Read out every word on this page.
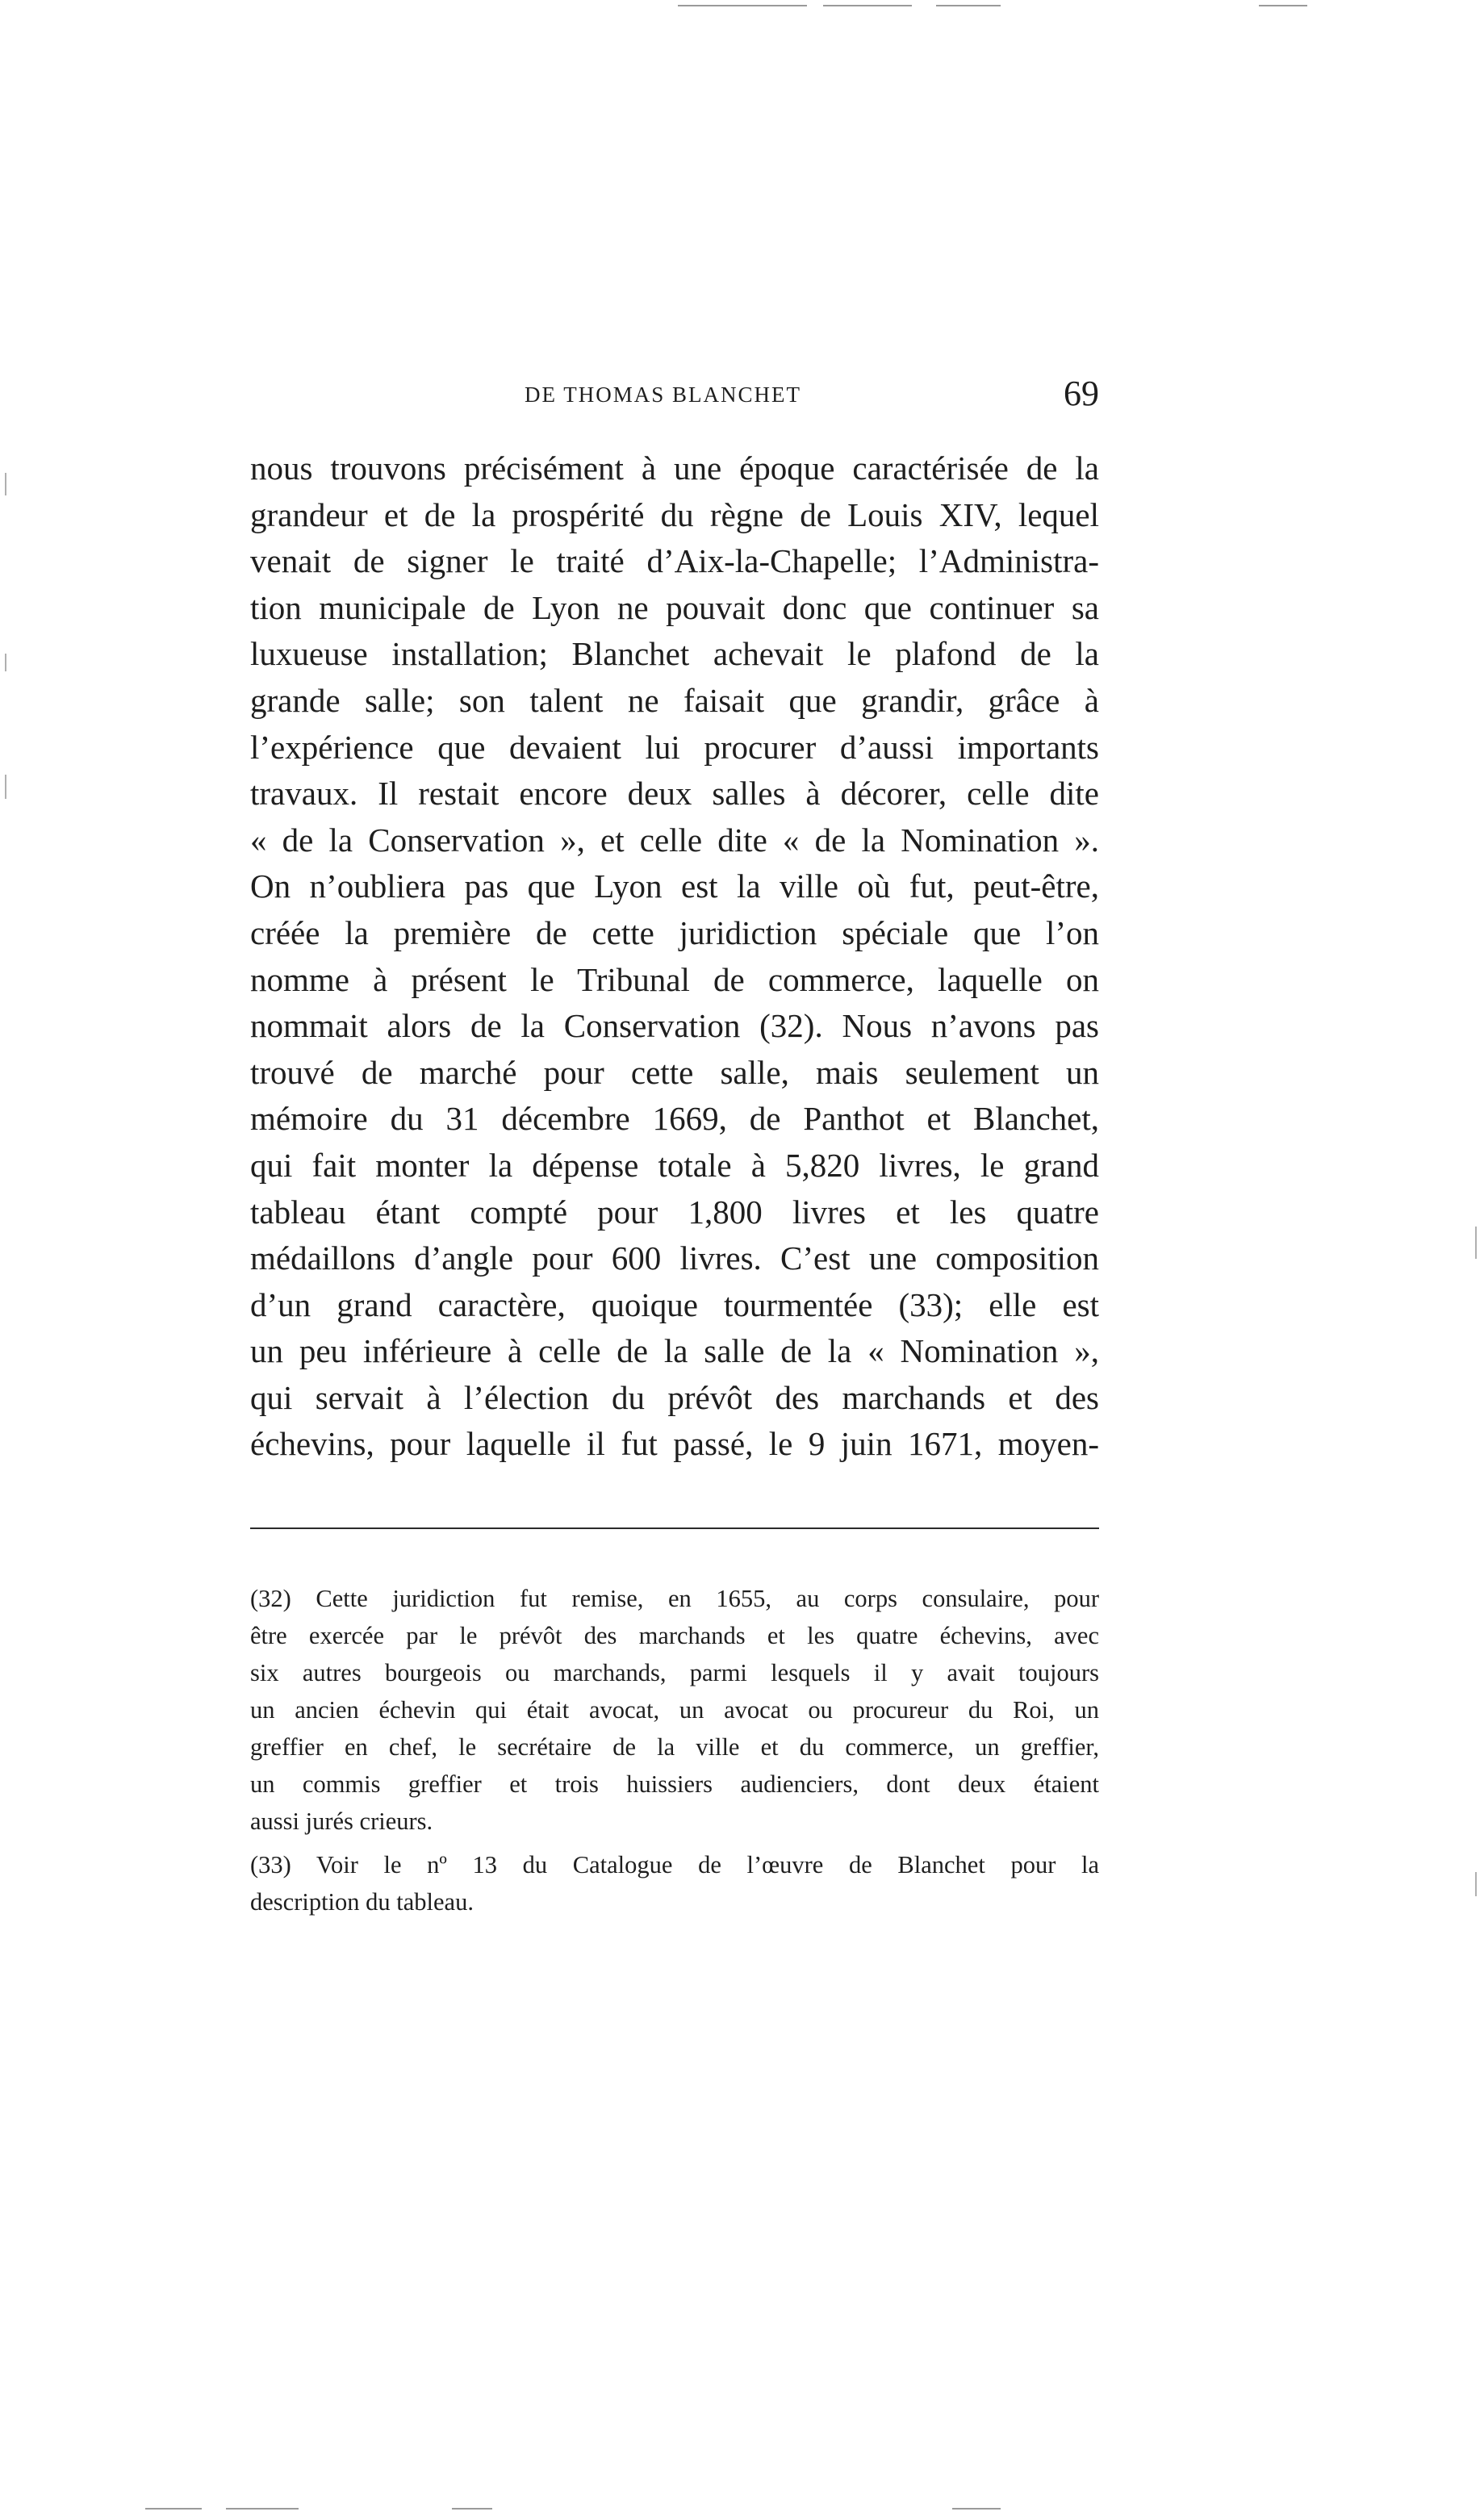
DE THOMAS BLANCHET	69
nous trouvons précisément à une époque caractérisée de la
grandeur et de la prospérité du règne de Louis XIV, lequel
venait de signer le traité d’Aix-la-Chapelle; l’Administra-
tion municipale de Lyon ne pouvait donc que continuer sa
luxueuse installation; Blanchet achevait le plafond de la
grande salle; son talent ne faisait que grandir, grâce à
l’expérience que devaient lui procurer d’aussi importants
travaux. Il restait encore deux salles à décorer, celle dite
« de la Conservation », et celle dite « de la Nomination ».
On n’oubliera pas que Lyon est la ville où fut, peut-être,
créée la première de cette juridiction spéciale que l’on
nomme à présent le Tribunal de commerce, laquelle on
nommait alors de la Conservation (32). Nous n’avons pas
trouvé de marché pour cette salle, mais seulement un
mémoire du 31 décembre 1669, de Panthot et Blanchet,
qui fait monter la dépense totale à 5,820 livres, le grand
tableau étant compté pour 1,800 livres et les quatre
médaillons d’angle pour 600 livres. C’est une composition
d’un grand caractère, quoique tourmentée (33); elle est
un peu inférieure à celle de la salle de la « Nomination »,
qui servait à l’élection du prévôt des marchands et des
échevins, pour laquelle il fut passé, le 9 juin 1671, moyen-
(32) Cette juridiction fut remise, en 1655, au corps consulaire, pour
être exercée par le prévôt des marchands et les quatre échevins, avec
six autres bourgeois ou marchands, parmi lesquels il y avait toujours
un ancien échevin qui était avocat, un avocat ou procureur du Roi, un
greffier en chef, le secrétaire de la ville et du commerce, un greffier,
un commis greffier et trois huissiers audienciers, dont deux étaient
aussi jurés crieurs.
(33) Voir le nº 13 du Catalogue de l’œuvre de Blanchet pour la
description du tableau.
